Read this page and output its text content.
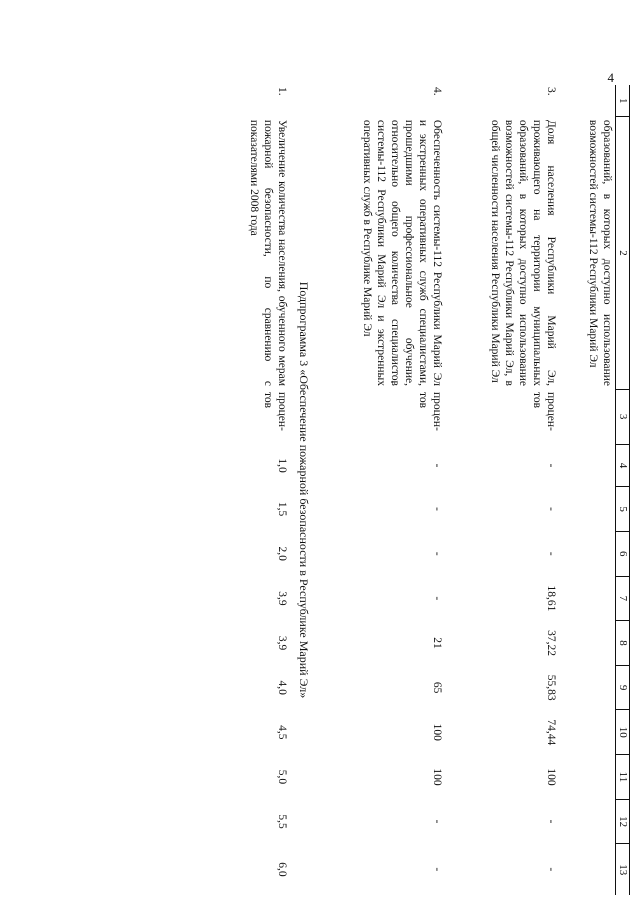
4
1	2	3	4	5	6	7	8	9	10	11	12	13
	образований, в которых доступно использование возможностей системы-112 Республики Марий Эл											
3.	Доля населения Республики Марий Эл, проживающего на территории муниципальных образований, в которых доступно использование возможностей системы-112 Республики Марий Эл, в общей численности населения Республики Марий Эл	процен-тов	-	-	-	18,61	37,22	55,83	74,44	100	-	-
4.	Обеспеченность системы-112 Республики Марий Эл и экстренных оперативных служб специалистами, прошедшими профессиональное обучение, относительно общего количества специалистов системы-112 Республики Марий Эл и экстренных оперативных служб в Республике Марий Эл	процен-тов	-	-	-	-	21	65	100	100	-	-
Подпрограмма 3 «Обеспечение пожарной безопасности в Республике Марий Эл»												
1.	Увеличение количества населения, обученного мерам пожарной безопасности, по сравнению с показателями 2008 года	процен-тов	1,0	1,5	2,0	3,9	3,9	4,0	4,5	5,0	5,5	6,0
